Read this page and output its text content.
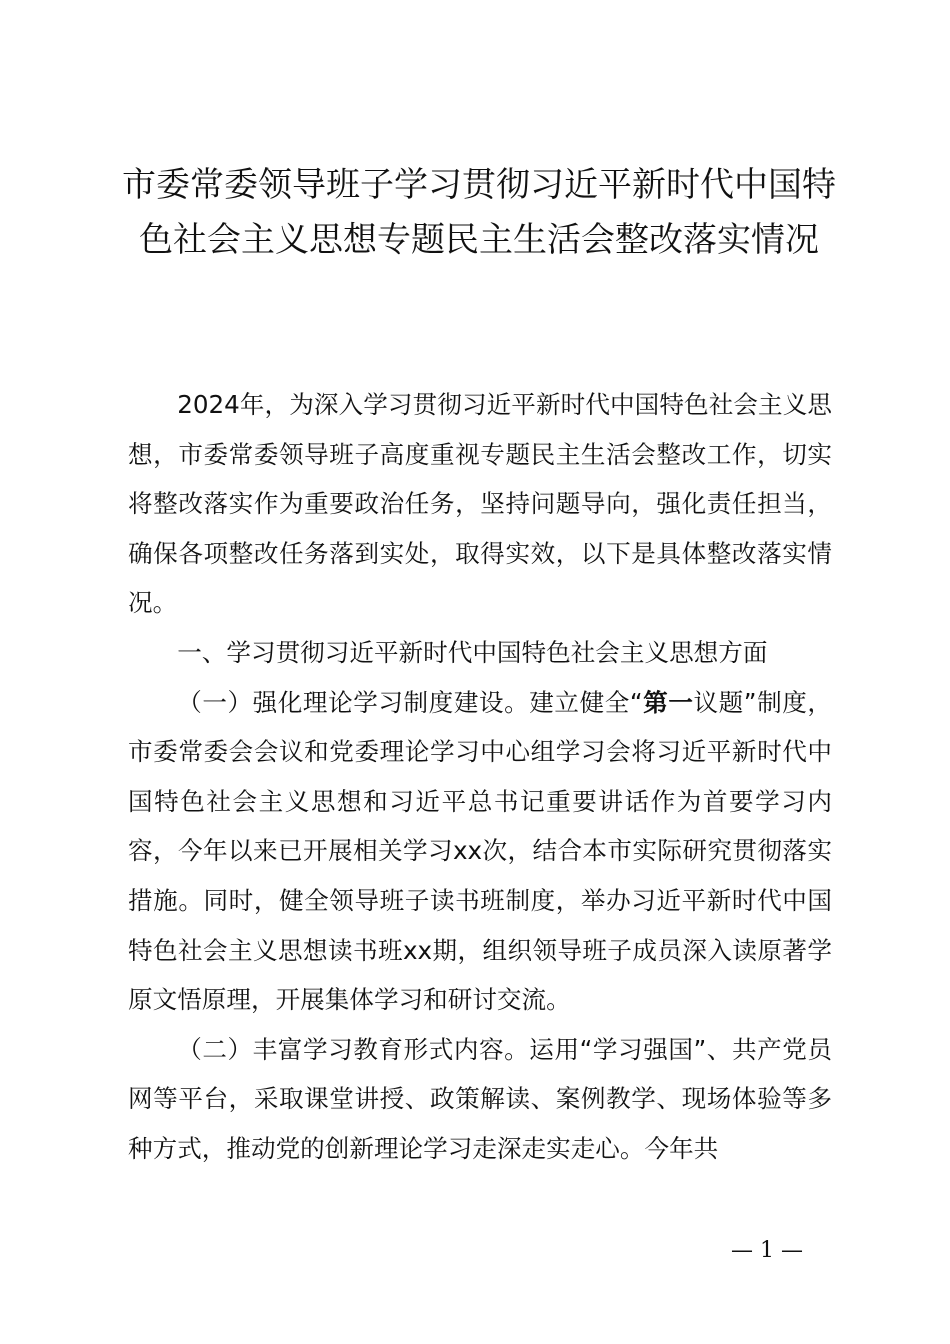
市委常委领导班子学习贯彻习近平新时代中国特色社会主义思想专题民主生活会整改落实情况

2024年，为深入学习贯彻习近平新时代中国特色社会主义思想，市委常委领导班子高度重视专题民主生活会整改工作，切实将整改落实作为重要政治任务，坚持问题导向，强化责任担当，确保各项整改任务落到实处，取得实效，以下是具体整改落实情况。

一、学习贯彻习近平新时代中国特色社会主义思想方面

（一）强化理论学习制度建设。建立健全“第一议题”制度，市委常委会会议和党委理论学习中心组学习会将习近平新时代中国特色社会主义思想和习近平总书记重要讲话作为首要学习内容，今年以来已开展相关学习xx次，结合本市实际研究贯彻落实措施。同时，健全领导班子读书班制度，举办习近平新时代中国特色社会主义思想读书班xx期，组织领导班子成员深入读原著学原文悟原理，开展集体学习和研讨交流。

（二）丰富学习教育形式内容。运用“学习强国”、共产党员网等平台，采取课堂讲授、政策解读、案例教学、现场体验等多种方式，推动党的创新理论学习走深走实走心。今年共

— 1 —
